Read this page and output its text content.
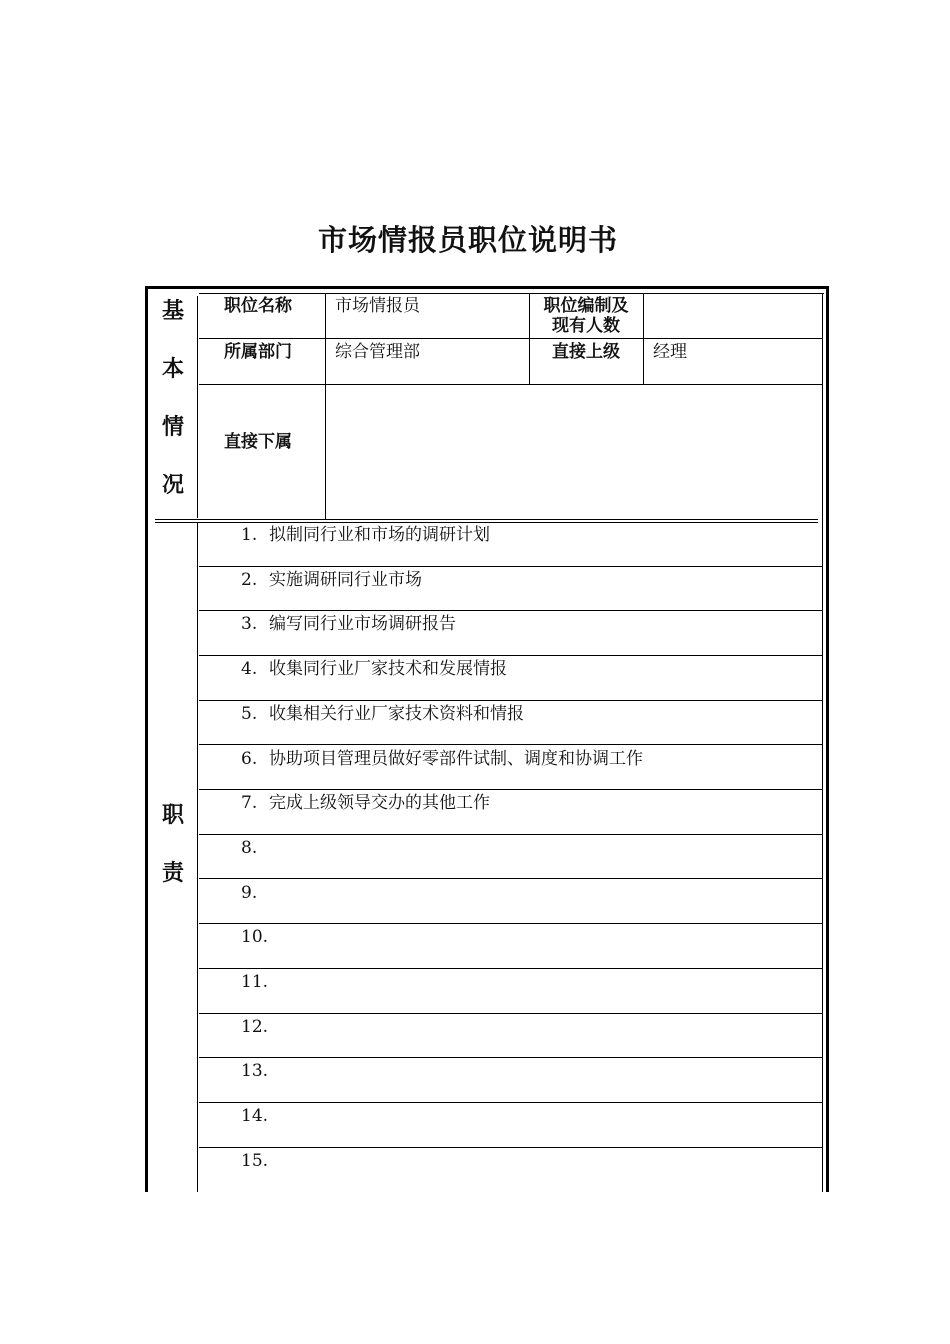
市场情报员职位说明书
基
本
情
况
职位名称	市场情报员	职位编制及
现有人数
所属部门	综合管理部	直接上级	经理
直接下属
职
责
1. 拟制同行业和市场的调研计划
2. 实施调研同行业市场
3. 编写同行业市场调研报告
4. 收集同行业厂家技术和发展情报
5. 收集相关行业厂家技术资料和情报
6. 协助项目管理员做好零部件试制、调度和协调工作
7. 完成上级领导交办的其他工作
8.
9.
10.
11.
12.
13.
14.
15.
